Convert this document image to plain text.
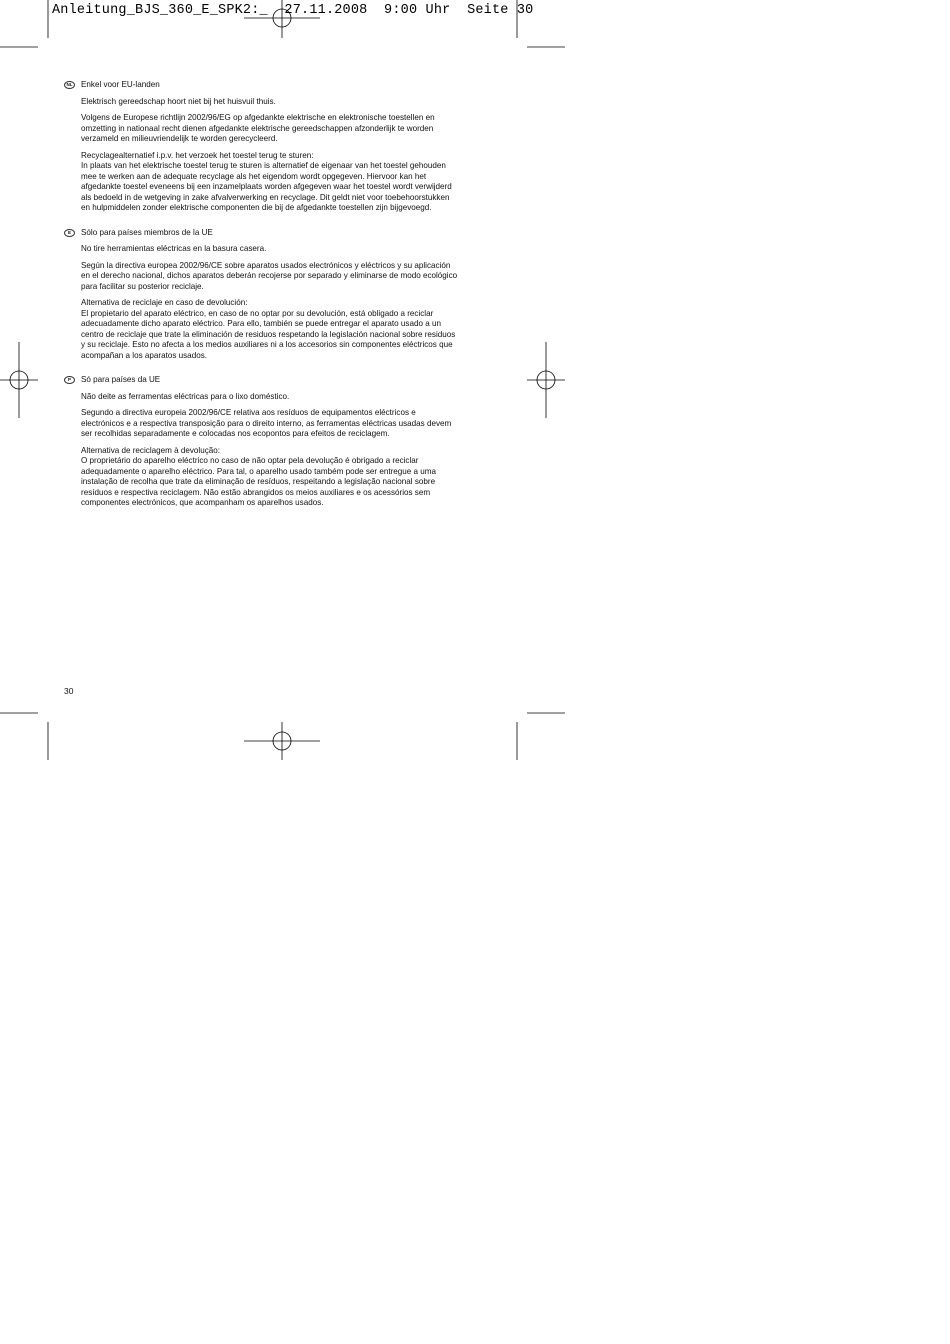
Anleitung_BJS_360_E_SPK2:_  27.11.2008  9:00 Uhr  Seite 30
NL	Enkel voor EU-landen
Elektrisch gereedschap hoort niet bij het huisvuil thuis.
Volgens de Europese richtlijn 2002/96/EG op afgedankte elektrische en elektronische toestellen en
omzetting in nationaal recht dienen afgedankte elektrische gereedschappen afzonderlijk te worden
verzameld en milieuvriendelijk te worden gerecycleerd.
Recyclagealternatief i.p.v. het verzoek het toestel terug te sturen:
In plaats van het elektrische toestel terug te sturen is alternatief de eigenaar van het toestel gehouden
mee te werken aan de adequate recyclage als het eigendom wordt opgegeven. Hiervoor kan het
afgedankte toestel eveneens bij een inzamelplaats worden afgegeven waar het toestel wordt verwijderd
als bedoeld in de wetgeving in zake afvalverwerking en recyclage. Dit geldt niet voor toebehoorstukken
en hulpmiddelen zonder elektrische componenten die bij de afgedankte toestellen zijn bijgevoegd.
E	Sólo para países miembros de la UE
No tire herramientas eléctricas en la basura casera.
Según la directiva europea 2002/96/CE sobre aparatos usados electrónicos y eléctricos y su aplicación
en el derecho nacional, dichos aparatos deberán recojerse por separado y eliminarse de modo ecológico
para facilitar su posterior reciclaje.
Alternativa de reciclaje en caso de devolución:
El propietario del aparato eléctrico, en caso de no optar por su devolución, está obligado a reciclar
adecuadamente dicho aparato eléctrico. Para ello, también se puede entregar el aparato usado a un
centro de reciclaje que trate la eliminación de residuos respetando la legislación nacional sobre residuos
y su reciclaje. Esto no afecta a los medios auxiliares ni a los accesorios sin componentes eléctricos que
acompañan a los aparatos usados.
P	Só para países da UE
Não deite as ferramentas eléctricas para o lixo doméstico.
Segundo a directiva europeia 2002/96/CE relativa aos resíduos de equipamentos eléctricos e
electrónicos e a respectiva transposição para o direito interno, as ferramentas eléctricas usadas devem
ser recolhidas separadamente e colocadas nos ecopontos para efeitos de reciclagem.
Alternativa de reciclagem à devolução:
O proprietário do aparelho eléctrico no caso de não optar pela devolução é obrigado a reciclar
adequadamente o aparelho eléctrico. Para tal, o aparelho usado também pode ser entregue a uma
instalação de recolha que trate da eliminação de resíduos, respeitando a legislação nacional sobre
resíduos e respectiva reciclagem. Não estão abrangidos os meios auxiliares e os acessórios sem
componentes electrónicos, que acompanham os aparelhos usados.
30
